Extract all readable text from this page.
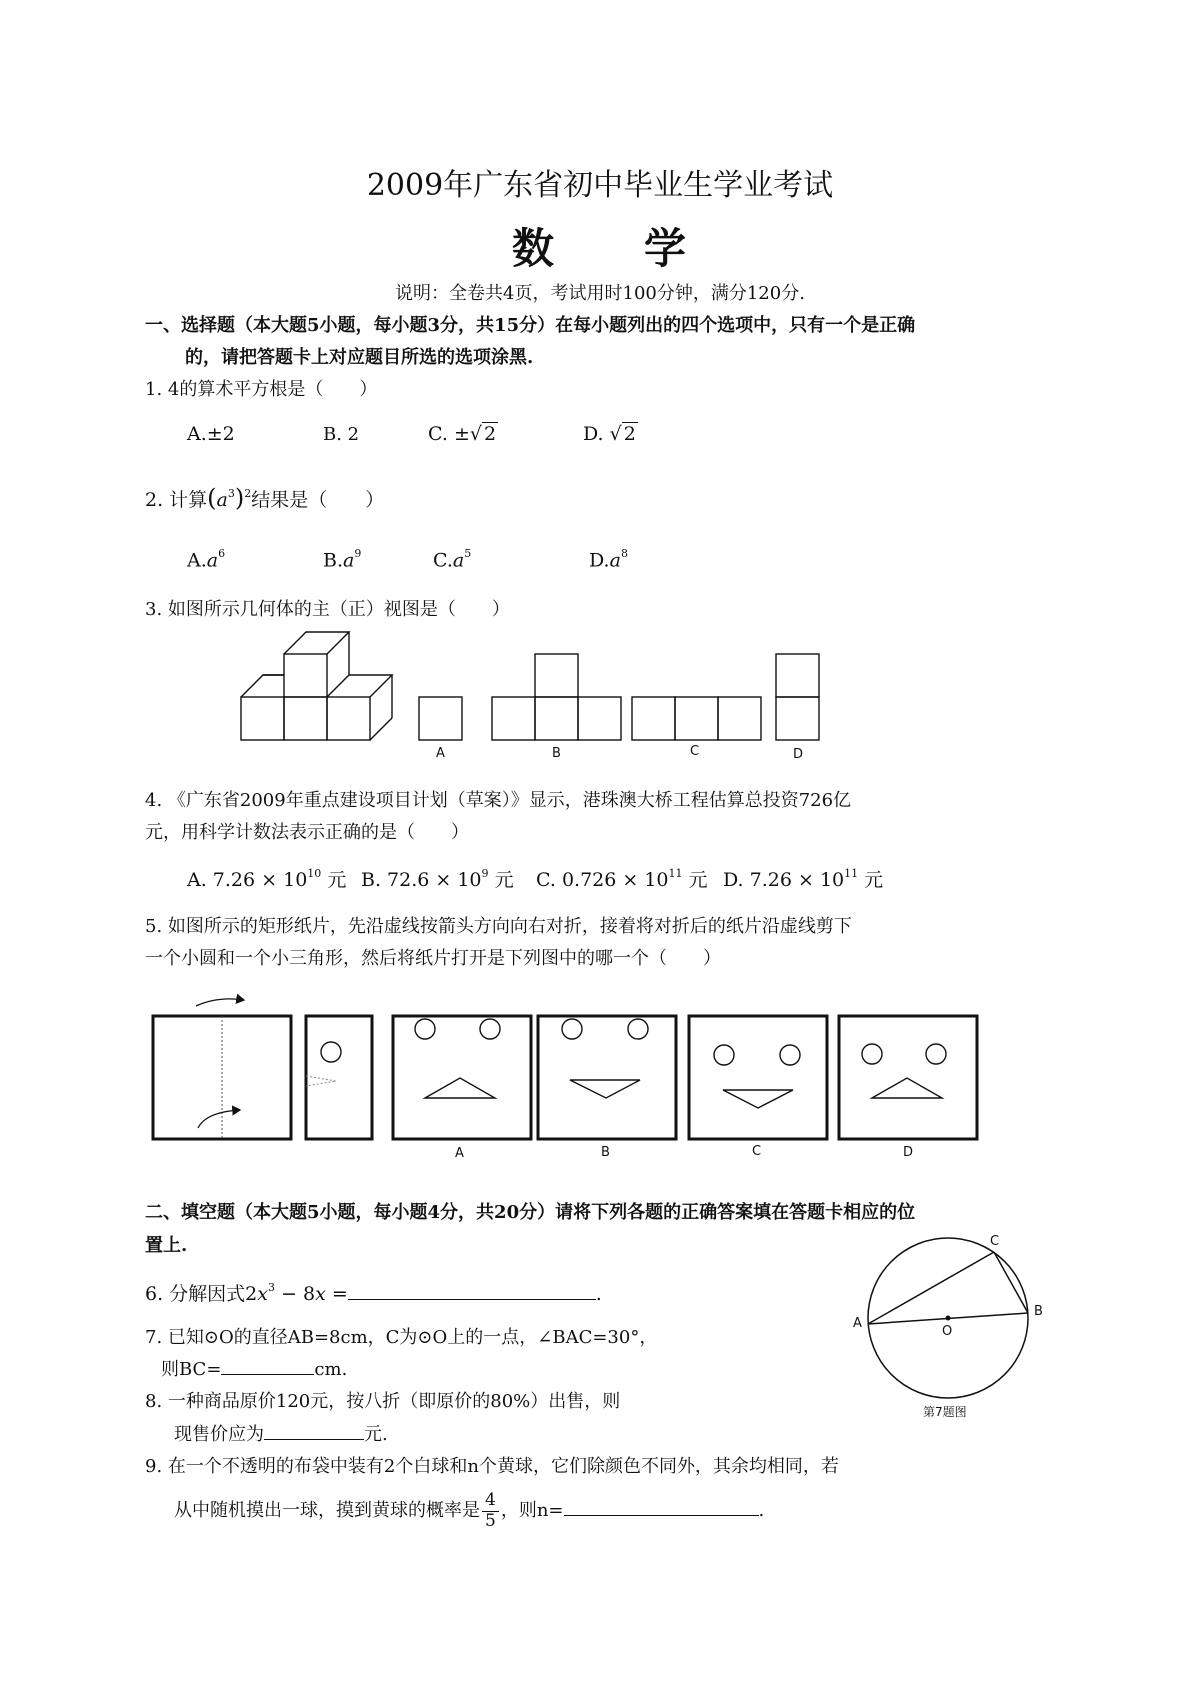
2009年广东省初中毕业生学业考试
数　　学
说明：全卷共4页，考试用时100分钟，满分120分.
一、选择题（本大题5小题，每小题3分，共15分）在每小题列出的四个选项中，只有一个是正确
的，请把答题卡上对应题目所选的选项涂黑.
1. 4的算术平方根是（　　）
A.±2	B. 2	C. ±√ 2	D. √ 2
2. 计算$(a^3)^2$结果是（　　）
$A.a^6$	$B.a^9$	$C.a^5$	$D.a^8$
3. 如图所示几何体的主（正）视图是（　　）
A	B	C	D
4. 《广东省2009年重点建设项目计划（草案）》显示，港珠澳大桥工程估算总投资726亿
元，用科学计数法表示正确的是（　　）
A. $7.26 \times 10^{10}$ 元 B. $72.6 \times 10^9$ 元 C. $0.726 \times 10^{11}$ 元 D. $7.26 \times 10^{11}$ 元
5. 如图所示的矩形纸片，先沿虚线按箭头方向向右对折，接着将对折后的纸片沿虚线剪下
一个小圆和一个小三角形，然后将纸片打开是下列图中的哪一个（　　）
A	B	C	D
二、填空题（本大题5小题，每小题4分，共20分）请将下列各题的正确答案填在答题卡相应的位
置上.
6. 分解因式$2x^3 - 8x$ =	.
7. 已知⊙O的直径AB=8cm，C为⊙O上的一点，∠BAC=30°，
则BC=	cm.
A
B
C
O
第7题图
8. 一种商品原价120元，按八折（即原价的80%）出售，则
现售价应为	元.
9. 在一个不透明的布袋中装有2个白球和n个黄球，它们除颜色不同外，其余均相同，若
从中随机摸出一球，摸到黄球的概率是 $\frac{4}{5}$ ，则n=	.
